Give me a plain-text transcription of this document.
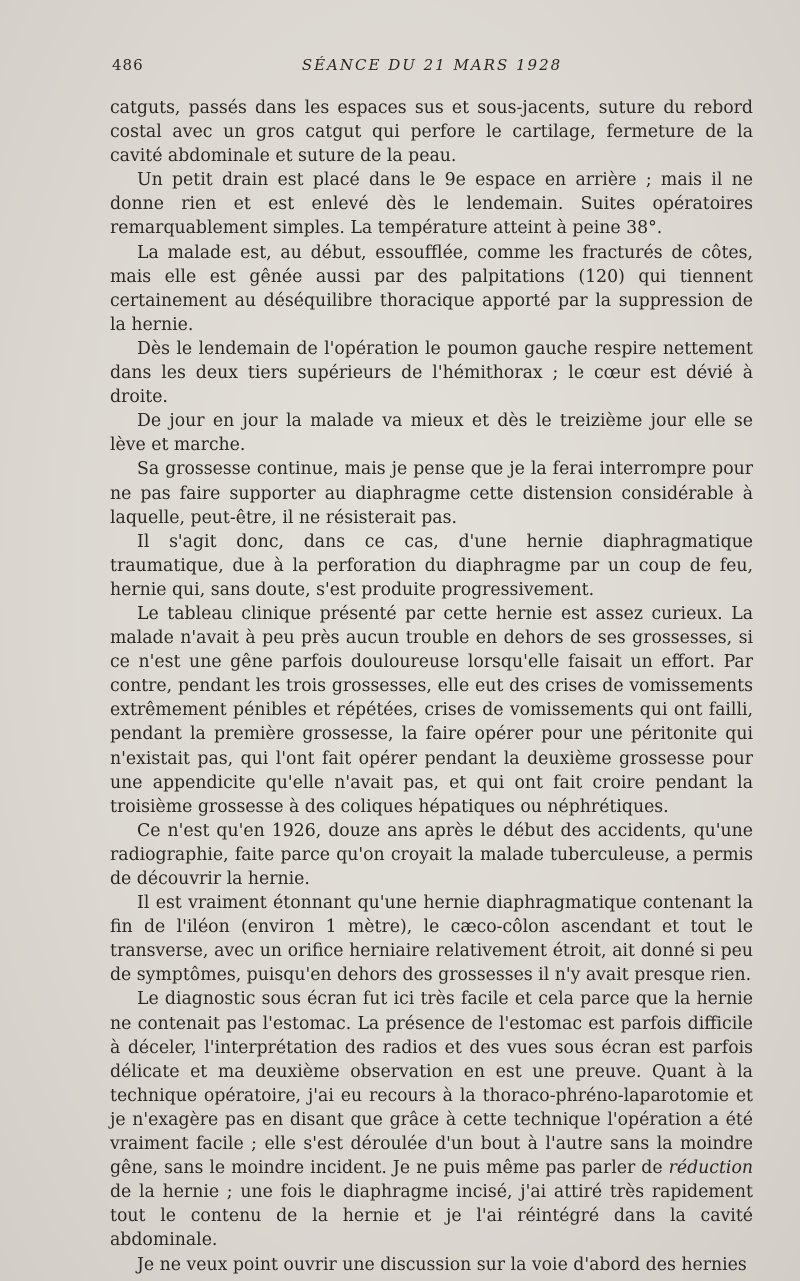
486	SÉANCE DU 21 MARS 1928

catguts, passés dans les espaces sus et sous-jacents, suture du rebord costal avec un gros catgut qui perfore le cartilage, fermeture de la cavité abdominale et suture de la peau.

Un petit drain est placé dans le 9e espace en arrière ; mais il ne donne rien et est enlevé dès le lendemain. Suites opératoires remarquablement simples. La température atteint à peine 38°.

La malade est, au début, essoufflée, comme les fracturés de côtes, mais elle est gênée aussi par des palpitations (120) qui tiennent certainement au déséquilibre thoracique apporté par la suppression de la hernie.

Dès le lendemain de l'opération le poumon gauche respire nettement dans les deux tiers supérieurs de l'hémithorax ; le cœur est dévié à droite.

De jour en jour la malade va mieux et dès le treizième jour elle se lève et marche.

Sa grossesse continue, mais je pense que je la ferai interrompre pour ne pas faire supporter au diaphragme cette distension considérable à laquelle, peut-être, il ne résisterait pas.

Il s'agit donc, dans ce cas, d'une hernie diaphragmatique traumatique, due à la perforation du diaphragme par un coup de feu, hernie qui, sans doute, s'est produite progressivement.

Le tableau clinique présenté par cette hernie est assez curieux. La malade n'avait à peu près aucun trouble en dehors de ses grossesses, si ce n'est une gêne parfois douloureuse lorsqu'elle faisait un effort. Par contre, pendant les trois grossesses, elle eut des crises de vomissements extrêmement pénibles et répétées, crises de vomissements qui ont failli, pendant la première grossesse, la faire opérer pour une péritonite qui n'existait pas, qui l'ont fait opérer pendant la deuxième grossesse pour une appendicite qu'elle n'avait pas, et qui ont fait croire pendant la troisième grossesse à des coliques hépatiques ou néphrétiques.

Ce n'est qu'en 1926, douze ans après le début des accidents, qu'une radiographie, faite parce qu'on croyait la malade tuberculeuse, a permis de découvrir la hernie.

Il est vraiment étonnant qu'une hernie diaphragmatique contenant la fin de l'iléon (environ 1 mètre), le cæco-côlon ascendant et tout le transverse, avec un orifice herniaire relativement étroit, ait donné si peu de symptômes, puisqu'en dehors des grossesses il n'y avait presque rien.

Le diagnostic sous écran fut ici très facile et cela parce que la hernie ne contenait pas l'estomac. La présence de l'estomac est parfois difficile à déceler, l'interprétation des radios et des vues sous écran est parfois délicate et ma deuxième observation en est une preuve. Quant à la technique opératoire, j'ai eu recours à la thoraco-phréno-laparotomie et je n'exagère pas en disant que grâce à cette technique l'opération a été vraiment facile ; elle s'est déroulée d'un bout à l'autre sans la moindre gêne, sans le moindre incident. Je ne puis même pas parler de réduction de la hernie ; une fois le diaphragme incisé, j'ai attiré très rapidement tout le contenu de la hernie et je l'ai réintégré dans la cavité abdominale.

Je ne veux point ouvrir une discussion sur la voie d'abord des hernies
